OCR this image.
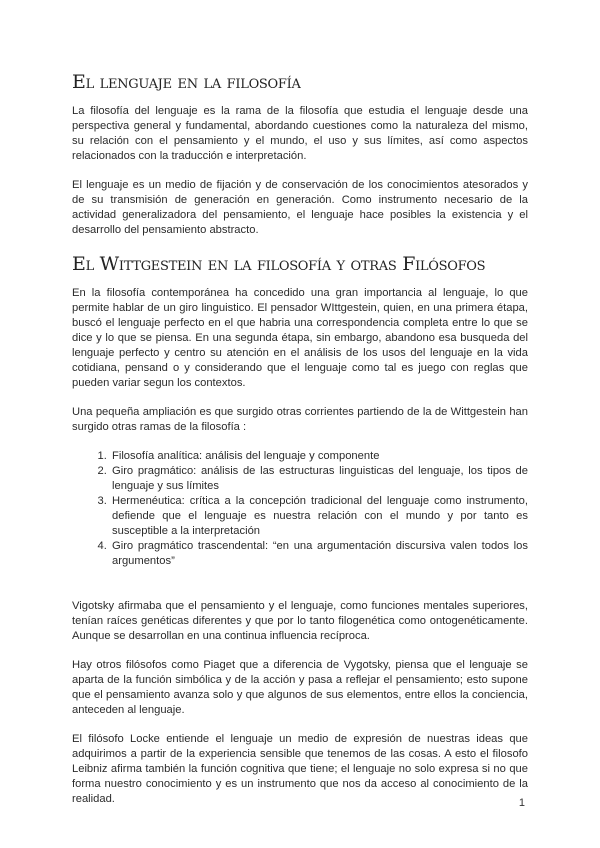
El lenguaje en la filosofía

La filosofía del lenguaje es la rama de la filosofía que estudia el lenguaje desde una perspectiva general y fundamental, abordando cuestiones como la naturaleza del mismo, su relación con el pensamiento y el mundo, el uso y sus límites, así como aspectos relacionados con la traducción e interpretación.

El lenguaje es un medio de fijación y de conservación de los conocimientos atesorados y de su transmisión de generación en generación. Como instrumento necesario de la actividad generalizadora del pensamiento, el lenguaje hace posibles la existencia y el desarrollo del pensamiento abstracto.

El Wittgestein en la filosofía y otras Filósofos

En la filosofía contemporánea ha concedido una gran importancia al lenguaje, lo que permite hablar de un giro linguistico. El pensador WIttgestein, quien, en una primera étapa, buscó el lenguaje perfecto en el que habria una correspondencia completa entre lo que se dice y lo que se piensa. En una segunda étapa, sin embargo, abandono esa busqueda del lenguaje perfecto y centro su atención en el análisis de los usos del lenguaje en la vida cotidiana, pensand o y considerando que el lenguaje como tal es juego con reglas que pueden variar segun los contextos.

Una pequeña ampliación es que surgido otras corrientes partiendo de la de Wittgestein han surgido otras ramas de la filosofía :

1. Filosofía analítica: análisis del lenguaje y componente
2. Giro pragmático: análisis de las estructuras linguisticas del lenguaje, los tipos de lenguaje y sus límites
3. Hermenéutica: crítica a la concepción tradicional del lenguaje como instrumento, defiende que el lenguaje es nuestra relación con el mundo y por tanto es susceptible a la interpretación
4. Giro pragmático trascendental: “en una argumentación discursiva valen todos los argumentos”

Vigotsky afirmaba que el pensamiento y el lenguaje, como funciones mentales superiores, tenían raíces genéticas diferentes y que por lo tanto filogenética como ontogenéticamente. Aunque se desarrollan en una continua influencia recíproca.

Hay otros filósofos como Piaget que a diferencia de Vygotsky, piensa que el lenguaje se aparta de la función simbólica y de la acción y pasa a reflejar el pensamiento; esto supone que el pensamiento avanza solo y que algunos de sus elementos, entre ellos la conciencia, anteceden al lenguaje.

El filósofo Locke entiende el lenguaje un medio de expresión de nuestras ideas que adquirimos a partir de la experiencia sensible que tenemos de las cosas. A esto el filosofo Leibniz afirma también la función cognitiva que tiene; el lenguaje no solo expresa si no que forma nuestro conocimiento y es un instrumento que nos da acceso al conocimiento de la realidad.	1
